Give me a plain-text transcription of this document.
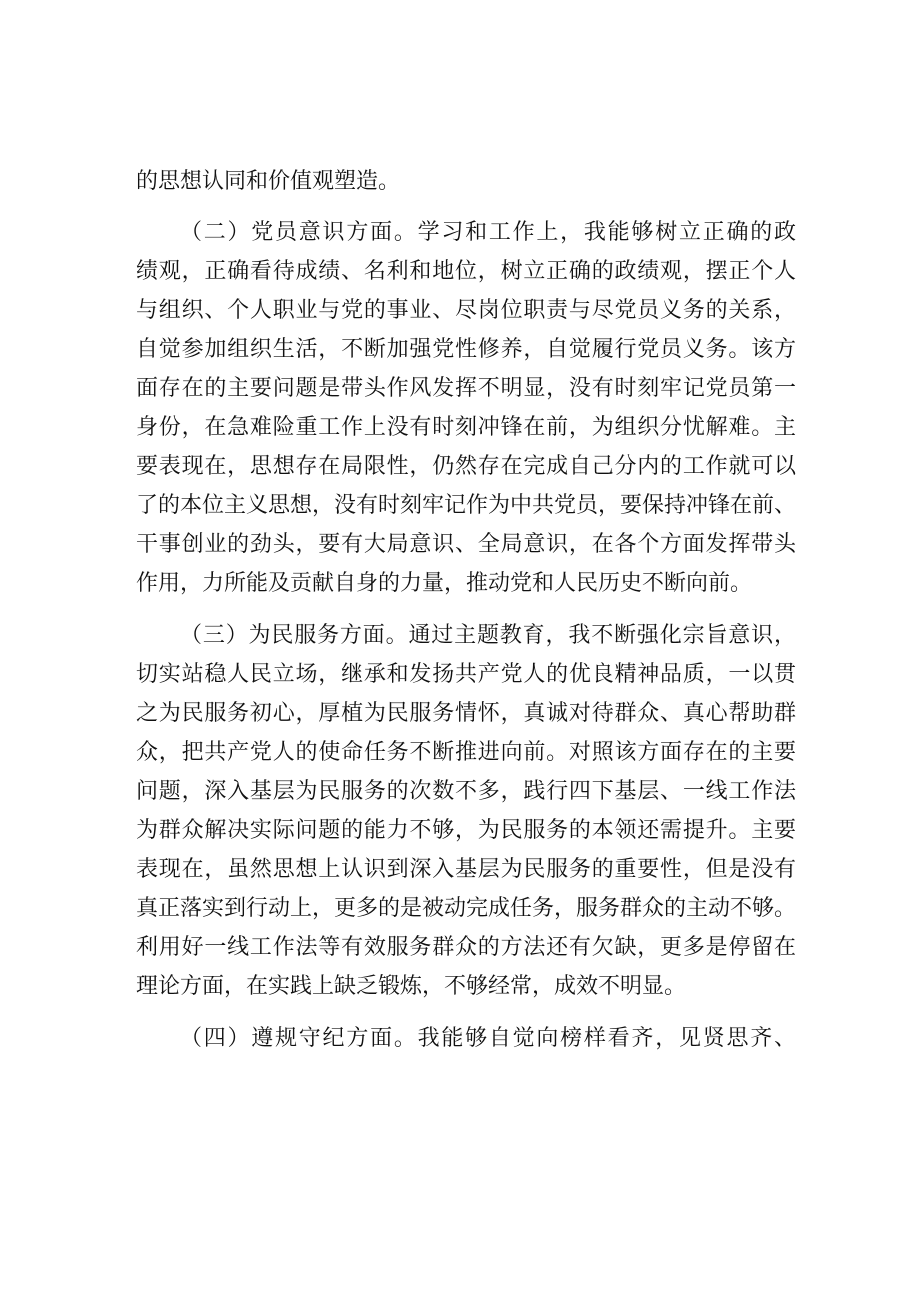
的思想认同和价值观塑造。
（二）党员意识方面。学习和工作上，我能够树立正确的政
绩观，正确看待成绩、名利和地位，树立正确的政绩观，摆正个人
与组织、个人职业与党的事业、尽岗位职责与尽党员义务的关系，
自觉参加组织生活，不断加强党性修养，自觉履行党员义务。该方
面存在的主要问题是带头作风发挥不明显，没有时刻牢记党员第一
身份，在急难险重工作上没有时刻冲锋在前，为组织分忧解难。主
要表现在，思想存在局限性，仍然存在完成自己分内的工作就可以
了的本位主义思想，没有时刻牢记作为中共党员，要保持冲锋在前、
干事创业的劲头，要有大局意识、全局意识，在各个方面发挥带头
作用，力所能及贡献自身的力量，推动党和人民历史不断向前。
（三）为民服务方面。通过主题教育，我不断强化宗旨意识，
切实站稳人民立场，继承和发扬共产党人的优良精神品质，一以贯
之为民服务初心，厚植为民服务情怀，真诚对待群众、真心帮助群
众，把共产党人的使命任务不断推进向前。对照该方面存在的主要
问题，深入基层为民服务的次数不多，践行四下基层、一线工作法
为群众解决实际问题的能力不够，为民服务的本领还需提升。主要
表现在，虽然思想上认识到深入基层为民服务的重要性，但是没有
真正落实到行动上，更多的是被动完成任务，服务群众的主动不够。
利用好一线工作法等有效服务群众的方法还有欠缺，更多是停留在
理论方面，在实践上缺乏锻炼，不够经常，成效不明显。
（四）遵规守纪方面。我能够自觉向榜样看齐，见贤思齐、
